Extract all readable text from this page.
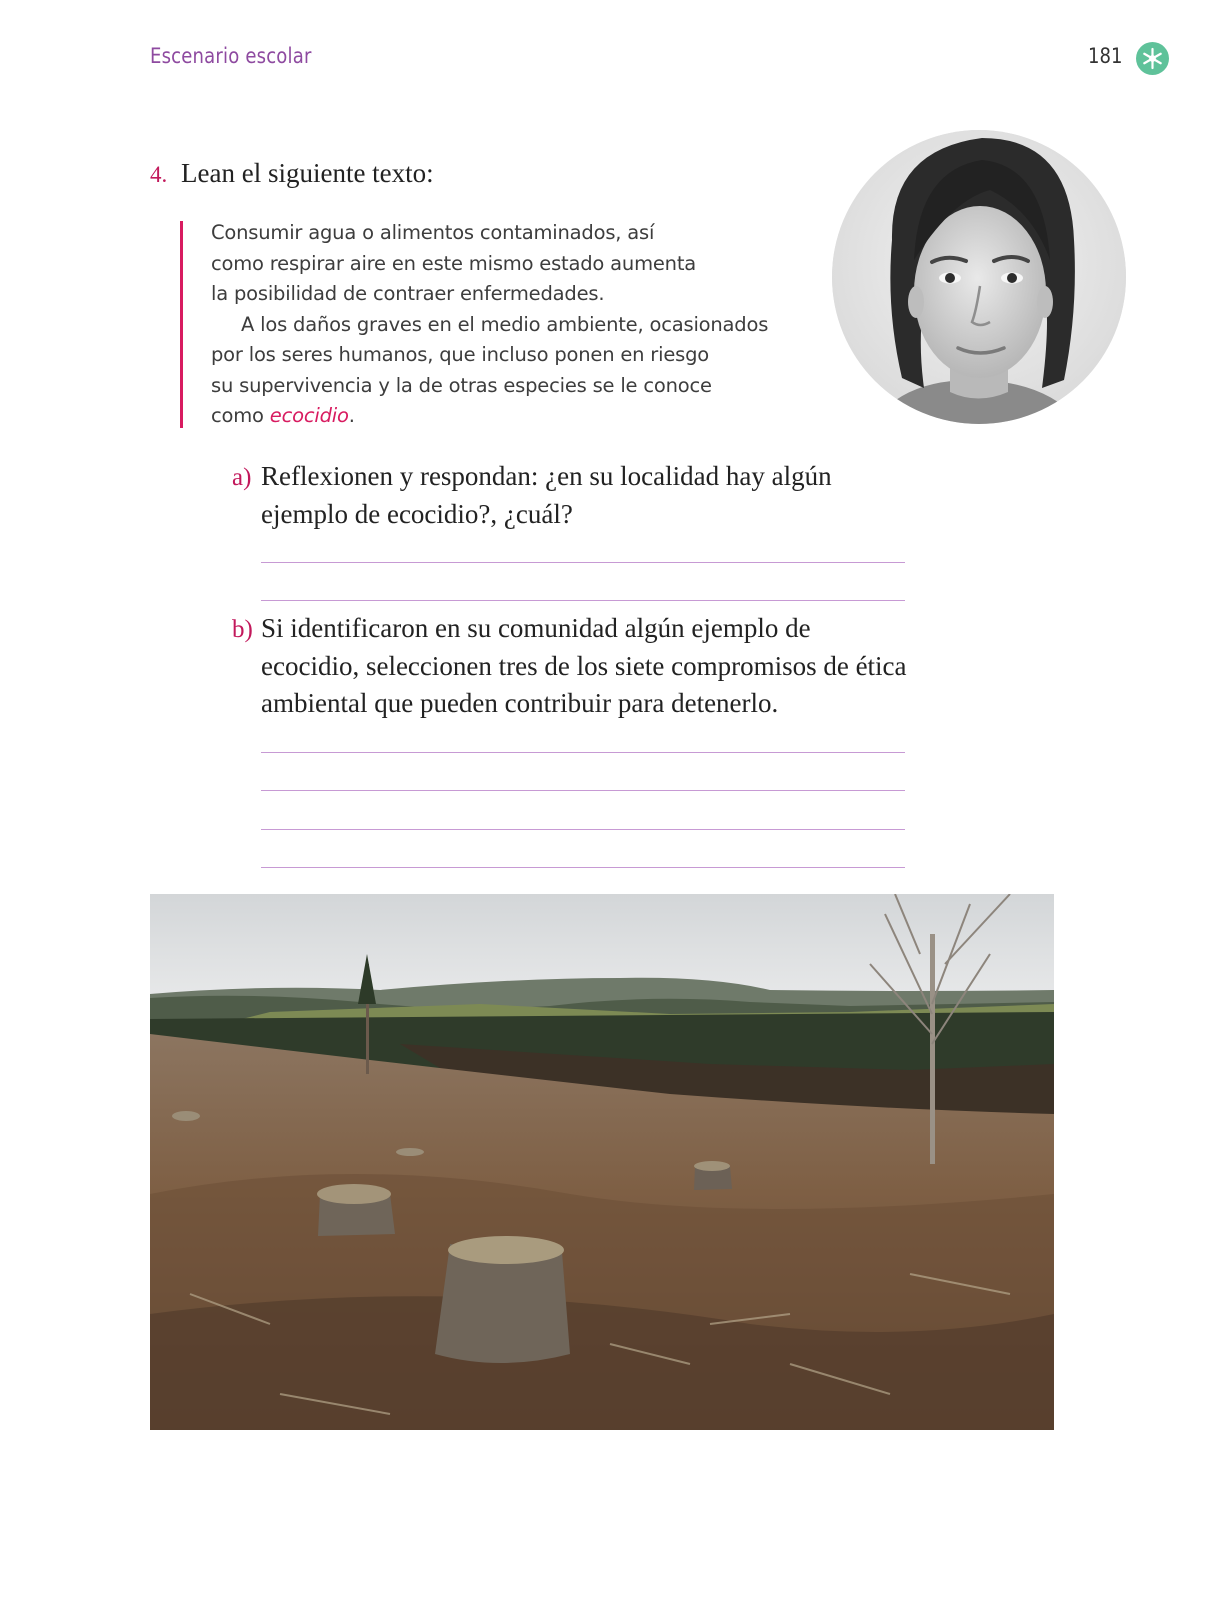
Escenario escolar	181
4. Lean el siguiente texto:
Consumir agua o alimentos contaminados, así
como respirar aire en este mismo estado aumenta
la posibilidad de contraer enfermedades.
A los daños graves en el medio ambiente, ocasionados
por los seres humanos, que incluso ponen en riesgo
su supervivencia y la de otras especies se le conoce
como ecocidio.
a) Reflexionen y respondan: ¿en su localidad hay algún
ejemplo de ecocidio?, ¿cuál?
b) Si identificaron en su comunidad algún ejemplo de
ecocidio, seleccionen tres de los siete compromisos de ética
ambiental que pueden contribuir para detenerlo.
